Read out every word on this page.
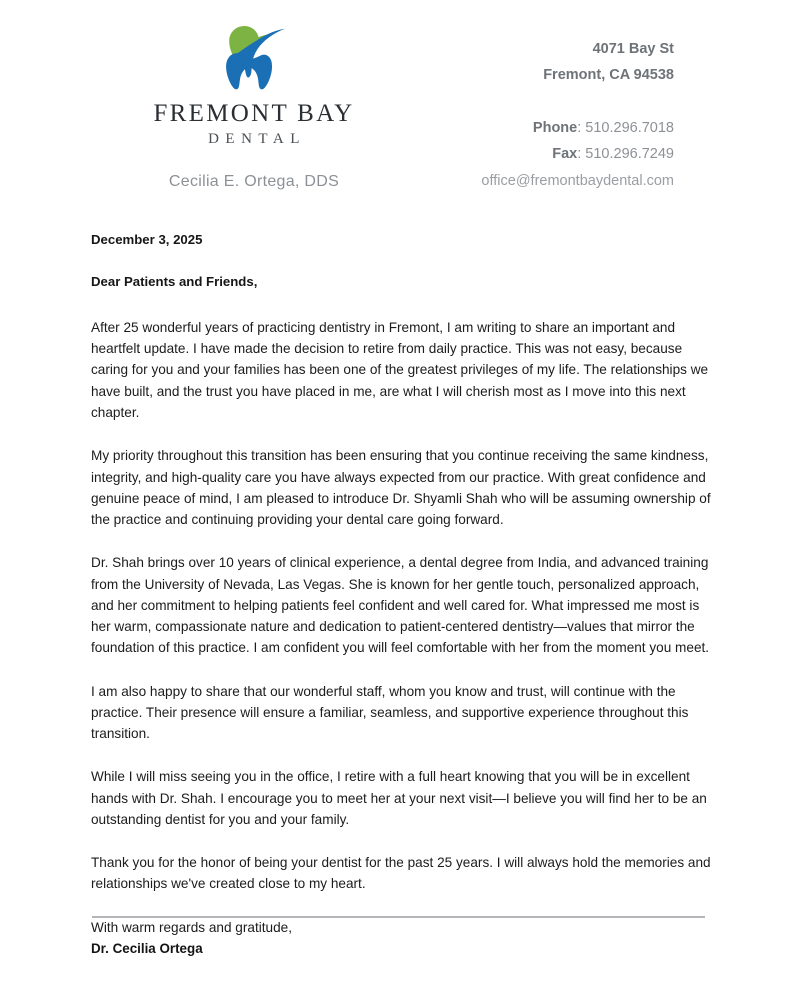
FREMONT BAY
DENTAL
Cecilia E. Ortega, DDS
4071 Bay St
Fremont, CA 94538
Phone: 510.296.7018
Fax: 510.296.7249
office@fremontbaydental.com

December 3, 2025

Dear Patients and Friends,

After 25 wonderful years of practicing dentistry in Fremont, I am writing to share an important and heartfelt update. I have made the decision to retire from daily practice. This was not easy, because caring for you and your families has been one of the greatest privileges of my life. The relationships we have built, and the trust you have placed in me, are what I will cherish most as I move into this next chapter.

My priority throughout this transition has been ensuring that you continue receiving the same kindness, integrity, and high-quality care you have always expected from our practice. With great confidence and genuine peace of mind, I am pleased to introduce Dr. Shyamli Shah who will be assuming ownership of the practice and continuing providing your dental care going forward.

Dr. Shah brings over 10 years of clinical experience, a dental degree from India, and advanced training from the University of Nevada, Las Vegas. She is known for her gentle touch, personalized approach, and her commitment to helping patients feel confident and well cared for. What impressed me most is her warm, compassionate nature and dedication to patient-centered dentistry—values that mirror the foundation of this practice. I am confident you will feel comfortable with her from the moment you meet.

I am also happy to share that our wonderful staff, whom you know and trust, will continue with the practice. Their presence will ensure a familiar, seamless, and supportive experience throughout this transition.

While I will miss seeing you in the office, I retire with a full heart knowing that you will be in excellent hands with Dr. Shah. I encourage you to meet her at your next visit—I believe you will find her to be an outstanding dentist for you and your family.

Thank you for the honor of being your dentist for the past 25 years. I will always hold the memories and relationships we've created close to my heart.

With warm regards and gratitude,

Dr. Cecilia Ortega
